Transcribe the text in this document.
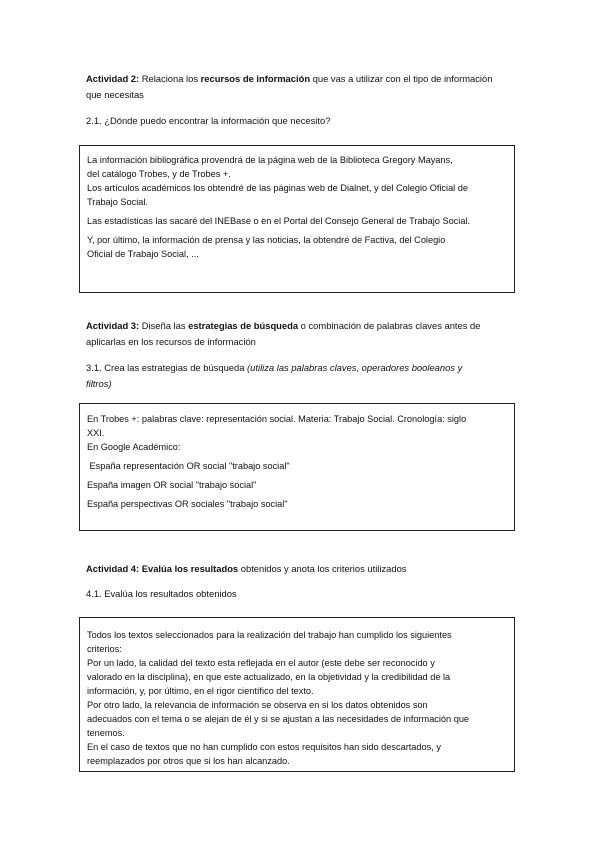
Actividad 2: Relaciona los recursos de información que vas a utilizar con el tipo de información
que necesitas
2.1. ¿Dónde puedo encontrar la información que necesito?

La información bibliográfica provendrá de la página web de la Biblioteca Gregory Mayans,

del catálogo Trobes, y de Trobes +.

Los artículos académicos los obtendré de las páginas web de Dialnet, y del Colegio Oficial de

Trabajo Social.

Las estadísticas las sacaré del INEBase o en el Portal del Consejo General de Trabajo Social.

Y, por último, la información de prensa y las noticias, la obtendré de Factiva, del Colegio

Oficial de Trabajo Social, ...

Actividad 3: Diseña las estrategias de búsqueda o combinación de palabras claves antes de
aplicarlas en los recursos de información
3.1. Crea las estrategias de búsqueda (utiliza las palabras claves, operadores booleanos y
filtros)

En Trobes +: palabras clave: representación social. Materia: Trabajo Social. Cronología: siglo

XXI.

En Google Académico:

España representación OR social "trabajo social"

España imagen OR social "trabajo social"

España perspectivas OR sociales "trabajo social"

Actividad 4: Evalúa los resultados obtenidos y anota los criterios utilizados
4.1. Evalúa los resultados obtenidos

Todos los textos seleccionados para la realización del trabajo han cumplido los siguientes

criterios:

Por un lado, la calidad del texto esta reflejada en el autor (este debe ser reconocido y

valorado en la disciplina), en que este actualizado, en la objetividad y la credibilidad de la

información, y, por último, en el rigor científico del texto.

Por otro lado, la relevancia de información se observa en si los datos obtenidos son

adecuados con el tema o se alejan de él y si se ajustan a las necesidades de información que

tenemos.

En el caso de textos que no han cumplido con estos requisitos han sido descartados, y

reemplazados por otros que si los han alcanzado.
